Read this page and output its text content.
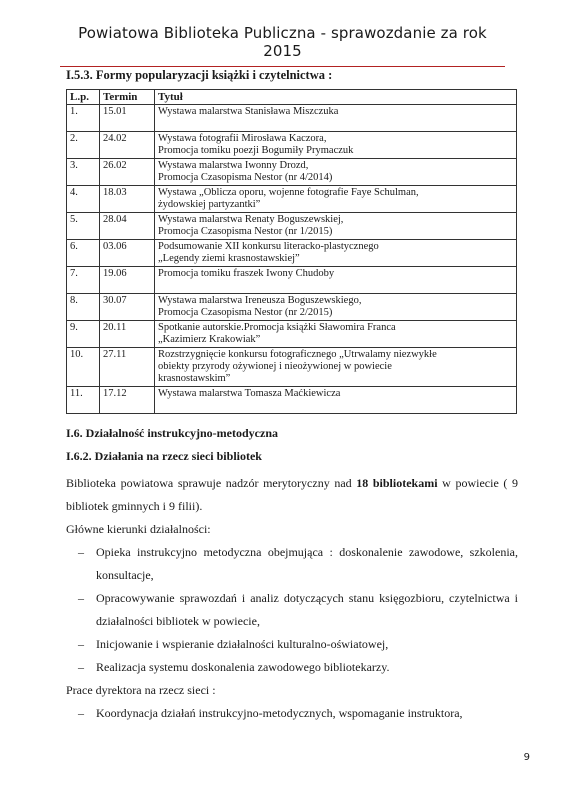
Powiatowa Biblioteka Publiczna - sprawozdanie za rok 2015
I.5.3. Formy popularyzacji książki i czytelnictwa :
L.p.	Termin	Tytuł
1.	15.01	Wystawa malarstwa Stanisława Miszczuka

2.	24.02	Wystawa fotografii Mirosława Kaczora,
Promocja tomiku poezji Bogumiły Prymaczuk

3.	26.02	Wystawa malarstwa Iwonny Drozd,
Promocja Czasopisma Nestor (nr 4/2014)

4.	18.03	Wystawa „Oblicza oporu, wojenne fotografie Faye Schulman,
żydowskiej partyzantki”

5.	28.04	Wystawa malarstwa Renaty Boguszewskiej,
Promocja Czasopisma Nestor (nr 1/2015)

6.	03.06	Podsumowanie XII konkursu literacko-plastycznego
„Legendy ziemi krasnostawskiej”

7.	19.06	Promocja tomiku fraszek Iwony Chudoby

8.	30.07	Wystawa malarstwa Ireneusza Boguszewskiego,
Promocja Czasopisma Nestor (nr 2/2015)

9.	20.11	Spotkanie autorskie.Promocja książki Sławomira Franca
„Kazimierz Krakowiak”

10.	27.11	Rozstrzygnięcie konkursu fotograficznego „Utrwalamy niezwykłe
obiekty przyrody ożywionej i nieożywionej w powiecie
krasnostawskim”

11.	17.12	Wystawa malarstwa Tomasza Maćkiewicza

I.6. Działalność instrukcyjno-metodyczna
I.6.2. Działania na rzecz sieci bibliotek

Biblioteka powiatowa sprawuje nadzór merytoryczny nad 18 bibliotekami w powiecie ( 9 bibliotek gminnych i 9 filii).

Główne kierunki działalności:

– Opieka instrukcyjno metodyczna obejmująca : doskonalenie zawodowe, szkolenia, konsultacje,
– Opracowywanie sprawozdań i analiz dotyczących stanu księgozbioru, czytelnictwa i działalności bibliotek w powiecie,
– Inicjowanie i wspieranie działalności kulturalno-oświatowej,
– Realizacja systemu doskonalenia zawodowego bibliotekarzy.

Prace dyrektora na rzecz sieci :

– Koordynacja działań instrukcyjno-metodycznych, wspomaganie instruktora,
9
